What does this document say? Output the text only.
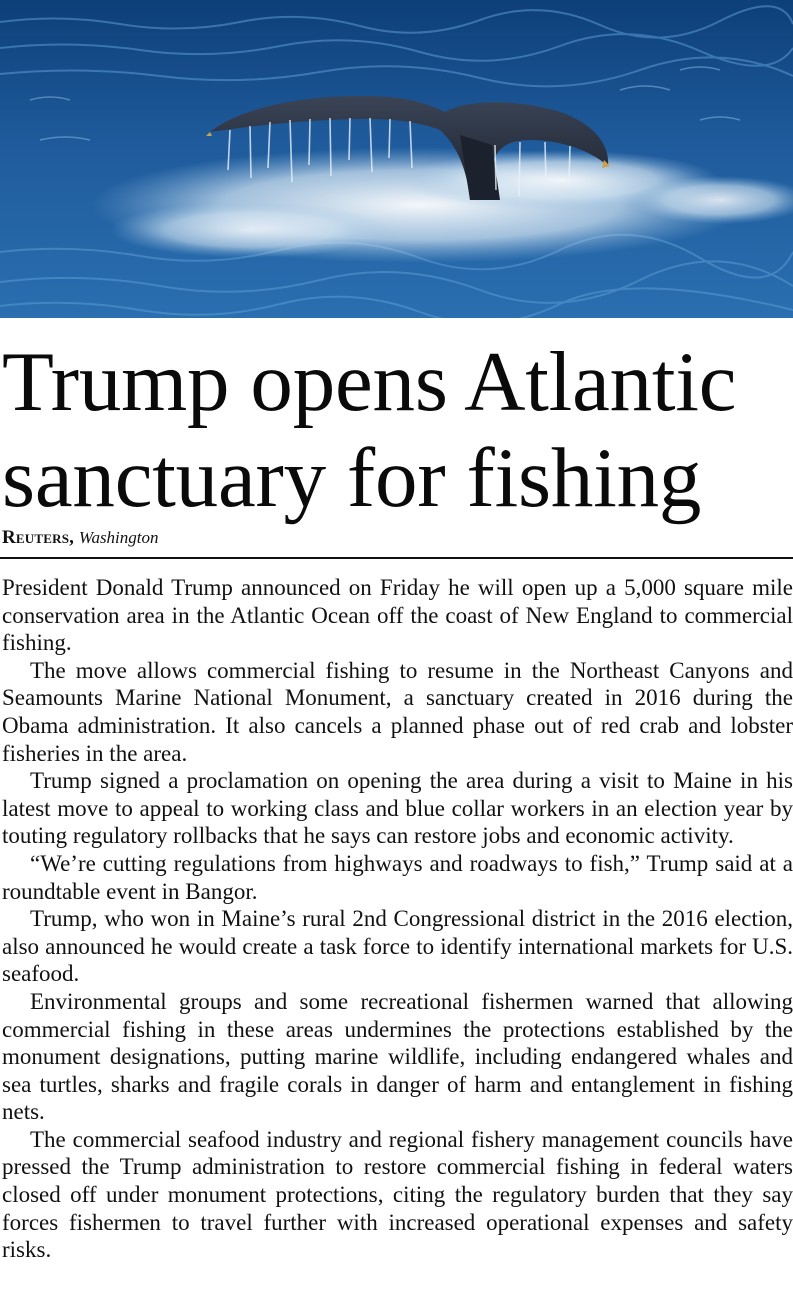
Trump opens Atlantic
sanctuary for fishing
Reuters, Washington

President Donald Trump announced on Friday he will open up a 5,000 square mile conservation area in the Atlantic Ocean off the coast of New England to commercial fishing.

The move allows commercial fishing to resume in the Northeast Canyons and Seamounts Marine National Monument, a sanctuary created in 2016 during the Obama administration. It also cancels a planned phase out of red crab and lobster fisheries in the area.

Trump signed a proclamation on opening the area during a visit to Maine in his latest move to appeal to working class and blue collar workers in an election year by touting regulatory rollbacks that he says can restore jobs and economic activity.

“We’re cutting regulations from highways and roadways to fish,” Trump said at a roundtable event in Bangor.

Trump, who won in Maine’s rural 2nd Congressional district in the 2016 election, also announced he would create a task force to identify international markets for U.S. seafood.

Environmental groups and some recreational fishermen warned that allowing commercial fishing in these areas undermines the protections established by the monument designations, putting marine wildlife, including endangered whales and sea turtles, sharks and fragile corals in danger of harm and entanglement in fishing nets.

The commercial seafood industry and regional fishery management councils have pressed the Trump administration to restore commercial fishing in federal waters closed off under monument protections, citing the regulatory burden that they say forces fishermen to travel further with increased operational expenses and safety risks.
